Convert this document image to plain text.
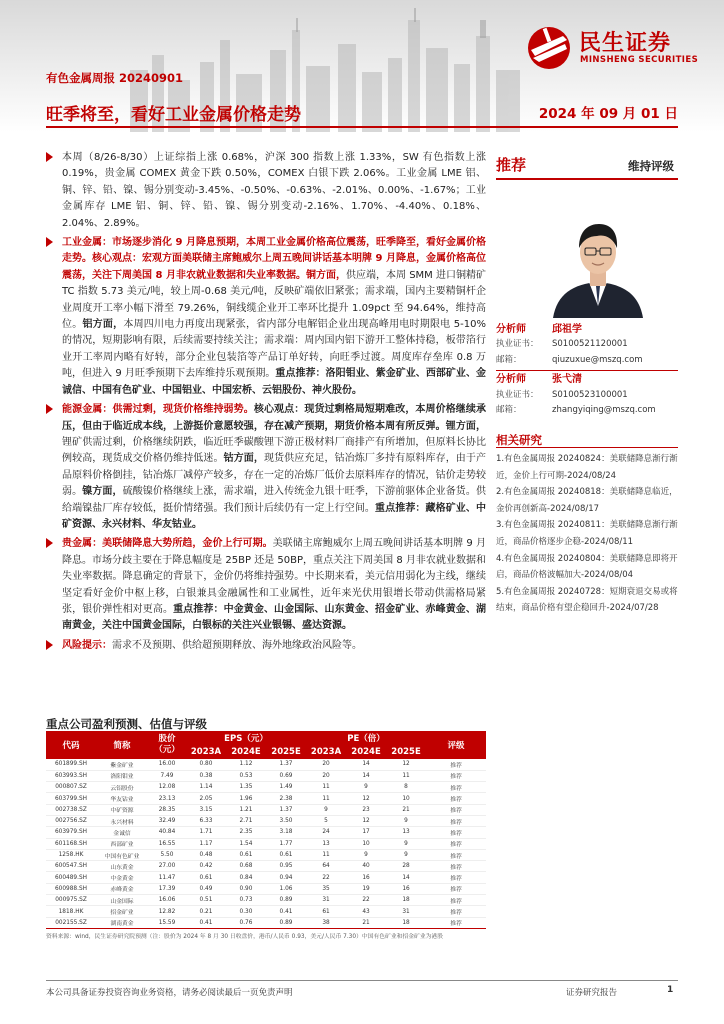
民生证券
MINSHENG SECURITIES
有色金属周报 20240901
旺季将至，看好工业金属价格走势	2024 年 09 月 01 日
本周（8/26-8/30）上证综指上涨 0.68%，沪深 300 指数上涨 1.33%，SW 有色指数上涨 0.19%，贵金属 COMEX 黄金下跌 0.50%，COMEX 白银下跌 2.06%。工业金属 LME 铝、铜、锌、铅、镍、锡分别变动-3.45%、-0.50%、-0.63%、-2.01%、0.00%、-1.67%；工业金属库存 LME 铝、铜、锌、铅、镍、锡分别变动-2.16%、1.70%、-4.40%、0.18%、2.04%、2.89%。
工业金属：市场逐步消化 9 月降息预期，本周工业金属价格高位震荡，旺季降至，看好金属价格走势。核心观点：宏观方面美联储主席鲍威尔上周五晚间讲话基本明牌 9 月降息，金属价格高位震荡，关注下周美国 8 月非农就业数据和失业率数据。铜方面，供应端，本周 SMM 进口铜精矿 TC 指数 5.73 美元/吨，较上周-0.68 美元/吨，反映矿端依旧紧张；需求端，国内主要精铜杆企业周度开工率小幅下滑至 79.26%，铜线缆企业开工率环比提升 1.09pct 至 94.64%，维持高位。铝方面，本周四川电力再度出现紧张，省内部分电解铝企业出现高峰用电时期限电 5-10%的情况，短期影响有限，后续需要持续关注；需求端：周内国内铝下游开工整体持稳，板带箔行业开工率周内略有好转，部分企业包装箔等产品订单好转，向旺季过渡。周度库存垒库 0.8 万吨，但进入 9 月旺季预期下去库维持乐观预期。重点推荐：洛阳钼业、紫金矿业、西部矿业、金诚信、中国有色矿业、中国铝业、中国宏桥、云铝股份、神火股份。
能源金属：供需过剩，现货价格维持弱势。核心观点：现货过剩格局短期难改，本周价格继续承压，但由于临近成本线，上游挺价意愿较强，存在减产预期，期货价格本周有所反弹。锂方面，锂矿供需过剩，价格继续阴跌，临近旺季碳酸锂下游正极材料厂商排产有所增加，但原料长协比例较高，现货成交价格仍维持低迷。钴方面，现货供应充足，钴冶炼厂多持有原料库存，由于产品原料价格倒挂，钴冶炼厂减停产较多，存在一定的冶炼厂低价去原料库存的情况，钴价走势较弱。镍方面，硫酸镍价格继续上涨，需求端，进入传统金九银十旺季，下游前驱体企业备货。供给端镍盐厂库存较低，挺价情绪强。我们预计后续仍有一定上行空间。重点推荐：藏格矿业、中矿资源、永兴材料、华友钴业。
贵金属：美联储降息大势所趋，金价上行可期。美联储主席鲍威尔上周五晚间讲话基本明牌 9 月降息。市场分歧主要在于降息幅度是 25BP 还是 50BP，重点关注下周美国 8 月非农就业数据和失业率数据。降息确定的背景下，金价仍将维持强势。中长期来看，美元信用弱化为主线，继续坚定看好金价中枢上移，白银兼具金融属性和工业属性，近年来光伏用银增长带动供需格局紧张，银价弹性相对更高。重点推荐：中金黄金、山金国际、山东黄金、招金矿业、赤峰黄金、湖南黄金，关注中国黄金国际，白银标的关注兴业银锡、盛达资源。
风险提示：需求不及预期、供给超预期释放、海外地缘政治风险等。
重点公司盈利预测、估值与评级
代码	简称	股价（元）	EPS（元）			PE（倍）			评级
			2023A	2024E	2025E	2023A	2024E	2025E	
601899.SH	紫金矿业	16.00	0.80	1.12	1.37	20	14	12	推荐
603993.SH	洛阳钼业	7.49	0.38	0.53	0.69	20	14	11	推荐
000807.SZ	云铝股份	12.08	1.14	1.35	1.49	11	9	8	推荐
603799.SH	华友钴业	23.13	2.05	1.96	2.38	11	12	10	推荐
002738.SZ	中矿资源	28.35	3.15	1.21	1.37	9	23	21	推荐
002756.SZ	永兴材料	32.49	6.33	2.71	3.50	5	12	9	推荐
603979.SH	金诚信	40.84	1.71	2.35	3.18	24	17	13	推荐
601168.SH	西部矿业	16.55	1.17	1.54	1.77	13	10	9	推荐
1258.HK	中国有色矿业	5.50	0.48	0.61	0.61	11	9	9	推荐
600547.SH	山东黄金	27.00	0.42	0.68	0.95	64	40	28	推荐
600489.SH	中金黄金	11.47	0.61	0.84	0.94	22	16	14	推荐
600988.SH	赤峰黄金	17.39	0.49	0.90	1.06	35	19	16	推荐
000975.SZ	山金国际	16.06	0.51	0.73	0.89	31	22	18	推荐
1818.HK	招金矿业	12.82	0.21	0.30	0.41	61	43	31	推荐
002155.SZ	湖南黄金	15.59	0.41	0.76	0.89	38	21	18	推荐
资料来源：wind，民生证券研究院预测（注：股价为 2024 年 8 月 30 日收盘价，港币/人民币 0.93，美元/人民币 7.30）中国有色矿业和招金矿业为港股
推荐	维持评级
分析师	邱祖学
执业证书：	S0100521120001
邮箱：	qiuzuxue@mszq.com
分析师	张弋清
执业证书：	S0100523100001
邮箱：	zhangyiqing@mszq.com
相关研究
1.有色金属周报 20240824：美联储降息渐行渐近，金价上行可期-2024/08/24
2.有色金属周报 20240818：美联储降息临近，金价再创新高-2024/08/17
3.有色金属周报 20240811：美联储降息渐行渐近，商品价格逐步企稳-2024/08/11
4.有色金属周报 20240804：美联储降息即将开启，商品价格波幅加大-2024/08/04
5.有色金属周报 20240728：短期衰退交易或将结束，商品价格有望企稳回升-2024/07/28
本公司具备证券投资咨询业务资格，请务必阅读最后一页免责声明	证券研究报告	1
